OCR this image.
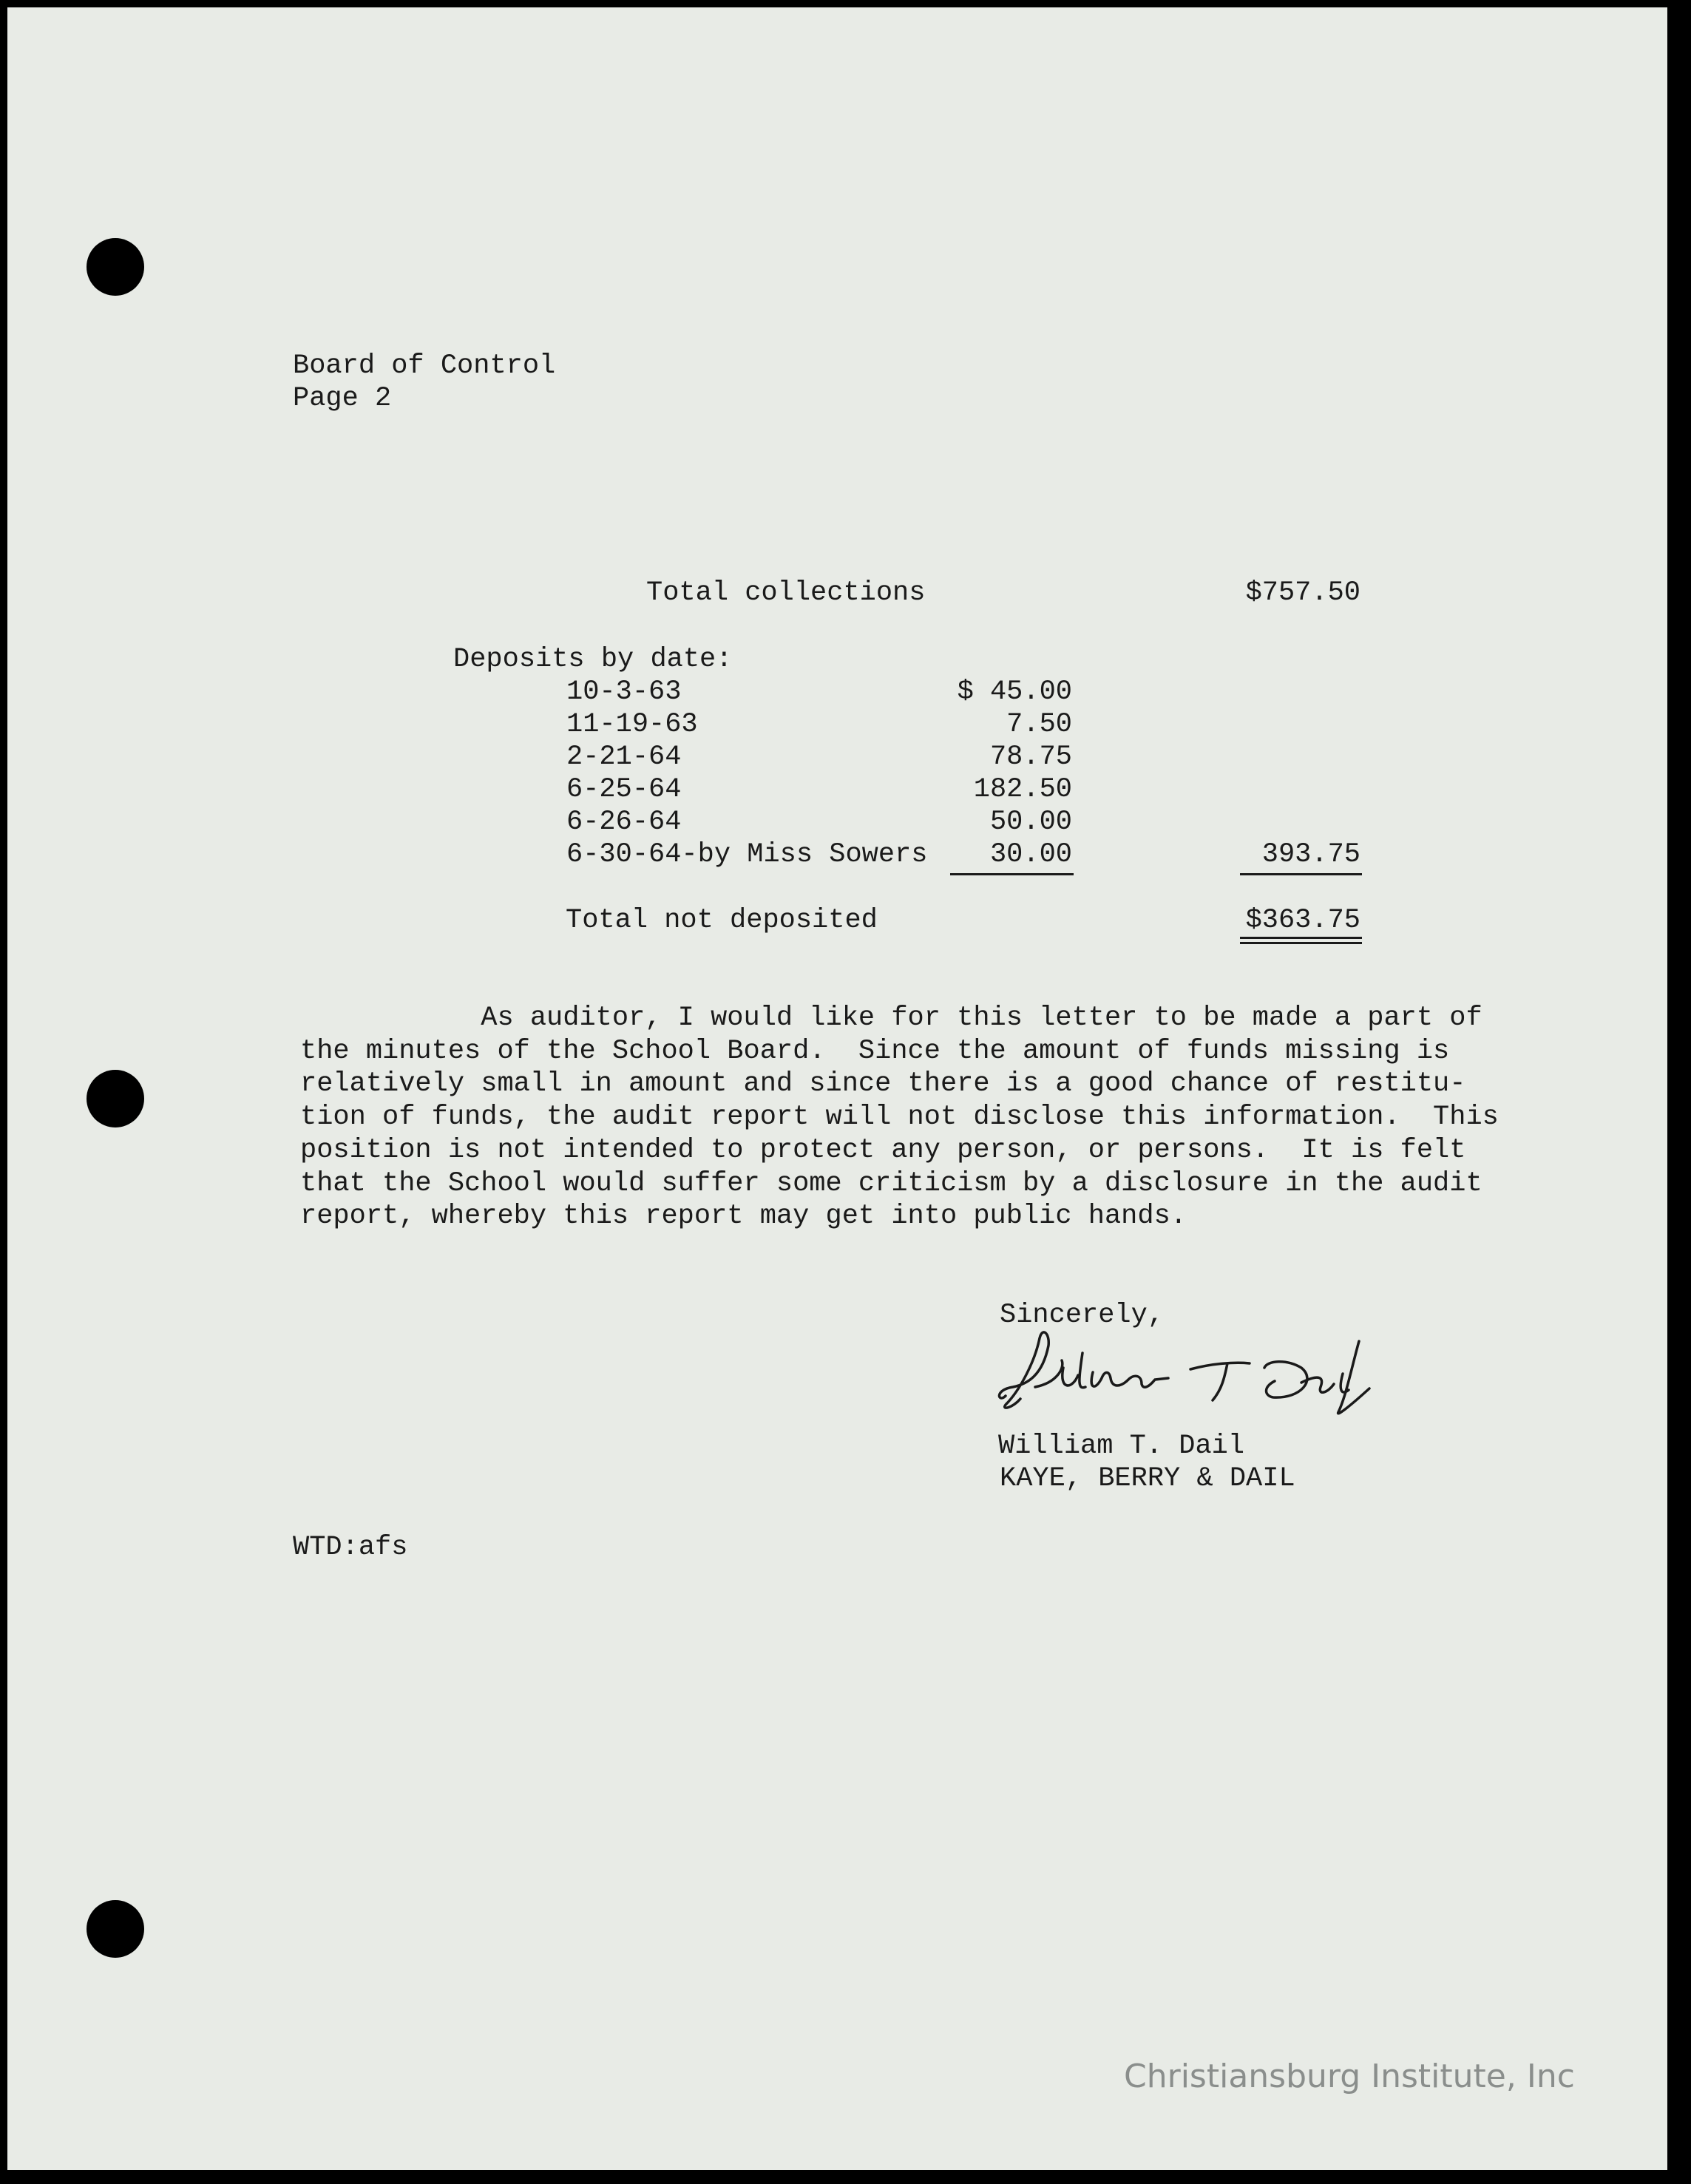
Board of Control

Page 2

Total collections	$757.50

Deposits by date:

10-3-63	$ 45.00

11-19-63	7.50

2-21-64	78.75

6-25-64	182.50

6-26-64	50.00

6-30-64-by Miss Sowers	30.00	393.75

Total not deposited	$363.75

As auditor, I would like for this letter to be made a part of
the minutes of the School Board.  Since the amount of funds missing is
relatively small in amount and since there is a good chance of restitu-
tion of funds, the audit report will not disclose this information.  This
position is not intended to protect any person, or persons.  It is felt
that the School would suffer some criticism by a disclosure in the audit
report, whereby this report may get into public hands.

Sincerely,

William T. Dail

KAYE, BERRY & DAIL

WTD:afs

Christiansburg Institute, Inc
